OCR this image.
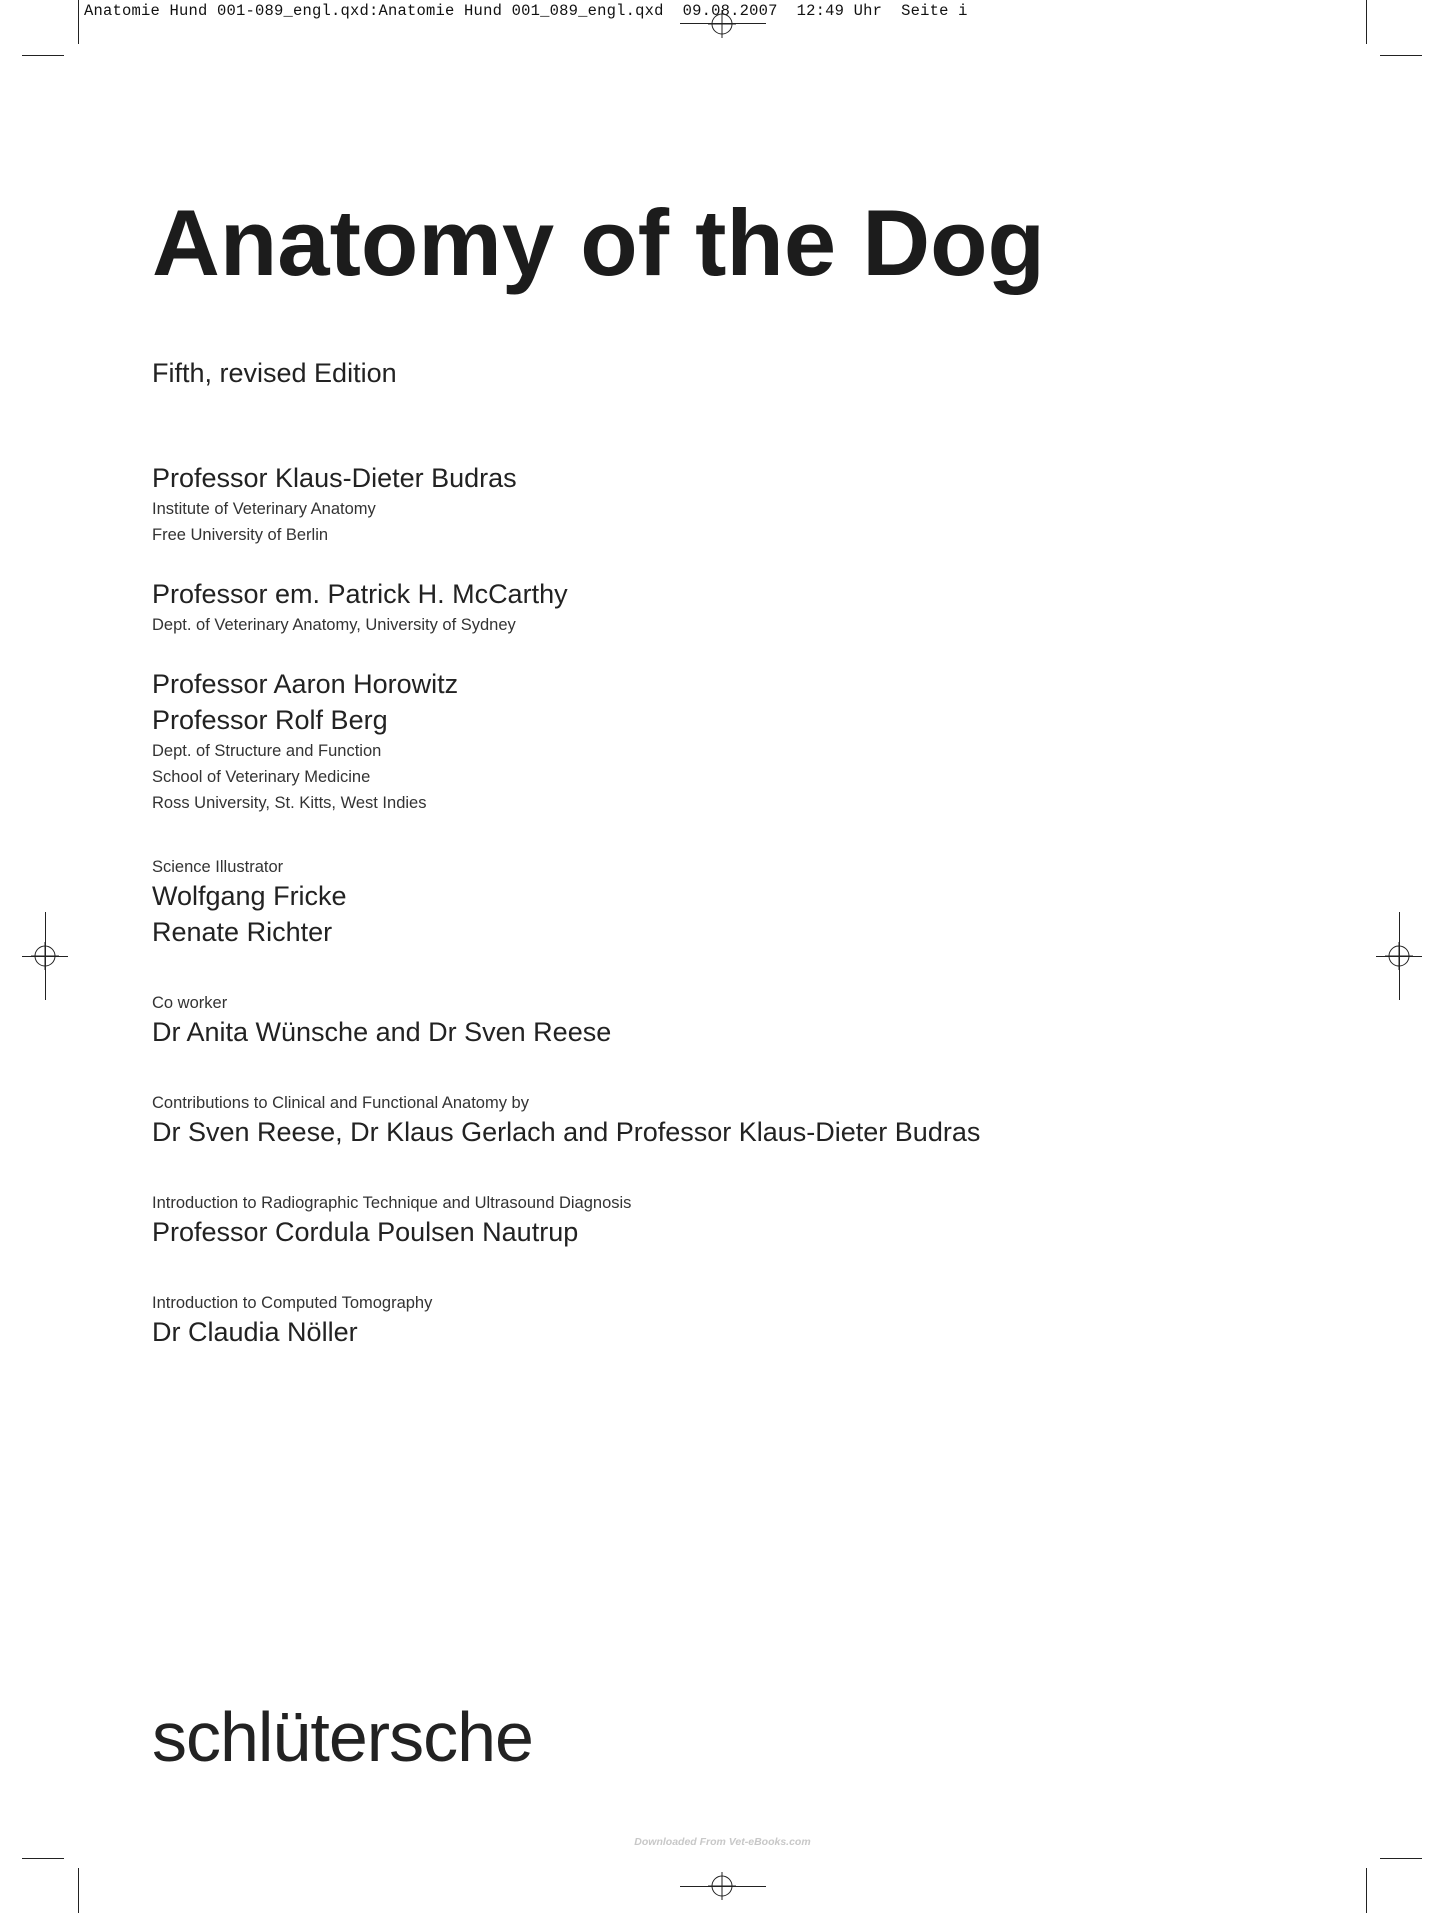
Anatomie Hund 001-089_engl.qxd:Anatomie Hund 001_089_engl.qxd  09.08.2007  12:49 Uhr  Seite i
Anatomy of the Dog
Fifth, revised Edition
Professor Klaus-Dieter Budras
Institute of Veterinary Anatomy
Free University of Berlin
Professor em. Patrick H. McCarthy
Dept. of Veterinary Anatomy, University of Sydney
Professor Aaron Horowitz
Professor Rolf Berg
Dept. of Structure and Function
School of Veterinary Medicine
Ross University, St. Kitts, West Indies
Science Illustrator
Wolfgang Fricke
Renate Richter
Co worker
Dr Anita Wünsche and Dr Sven Reese
Contributions to Clinical and Functional Anatomy by
Dr Sven Reese, Dr Klaus Gerlach and Professor Klaus-Dieter Budras
Introduction to Radiographic Technique and Ultrasound Diagnosis
Professor Cordula Poulsen Nautrup
Introduction to Computed Tomography
Dr Claudia Nöller
schlütersche
Downloaded From Vet-eBooks.com
